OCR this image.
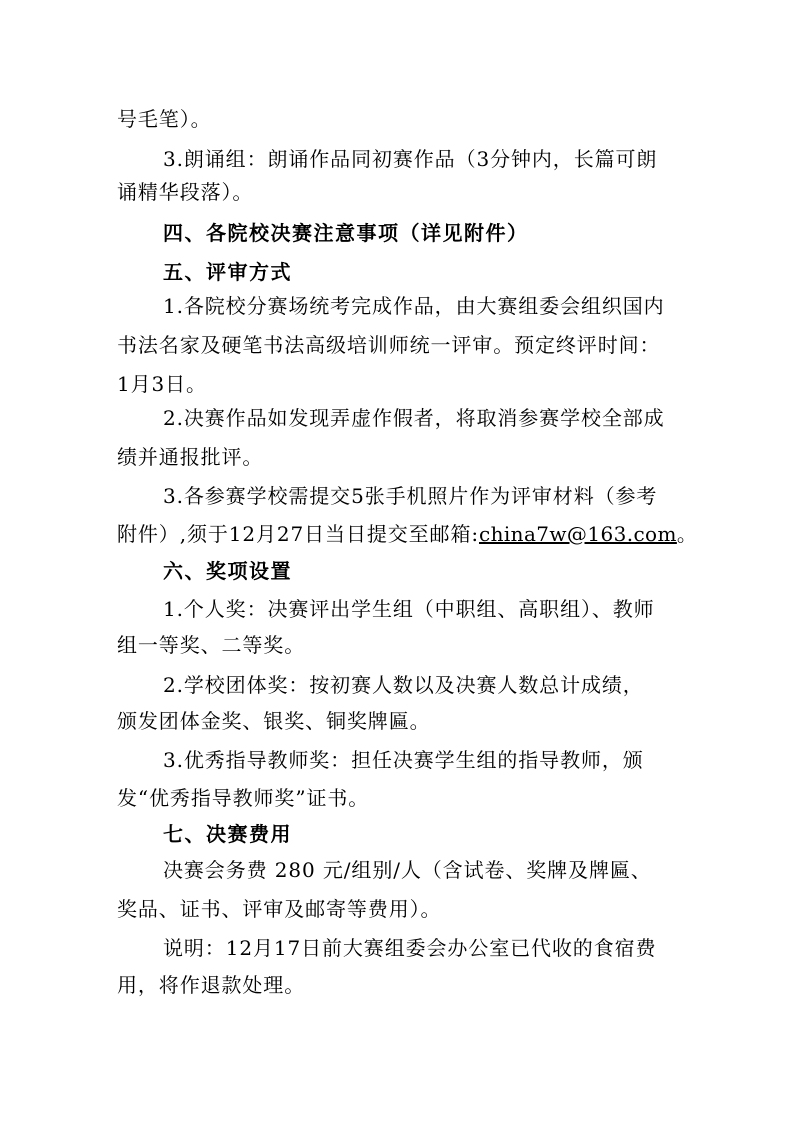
号毛笔）。
3.朗诵组：朗诵作品同初赛作品（3分钟内，长篇可朗
诵精华段落）。
四、各院校决赛注意事项（详见附件）
五、评审方式
1.各院校分赛场统考完成作品，由大赛组委会组织国内
书法名家及硬笔书法高级培训师统一评审。预定终评时间：
1月3日。
2.决赛作品如发现弄虚作假者，将取消参赛学校全部成
绩并通报批评。
3.各参赛学校需提交5张手机照片作为评审材料（参考
附件）,须于12月27日当日提交至邮箱:china7w@163.com。
六、奖项设置
1.个人奖：决赛评出学生组（中职组、高职组）、教师
组一等奖、二等奖。
2.学校团体奖：按初赛人数以及决赛人数总计成绩，
颁发团体金奖、银奖、铜奖牌匾。
3.优秀指导教师奖：担任决赛学生组的指导教师，颁
发“优秀指导教师奖”证书。
七、决赛费用
决赛会务费 280 元/组别/人（含试卷、奖牌及牌匾、
奖品、证书、评审及邮寄等费用）。
说明：12月17日前大赛组委会办公室已代收的食宿费
用，将作退款处理。
